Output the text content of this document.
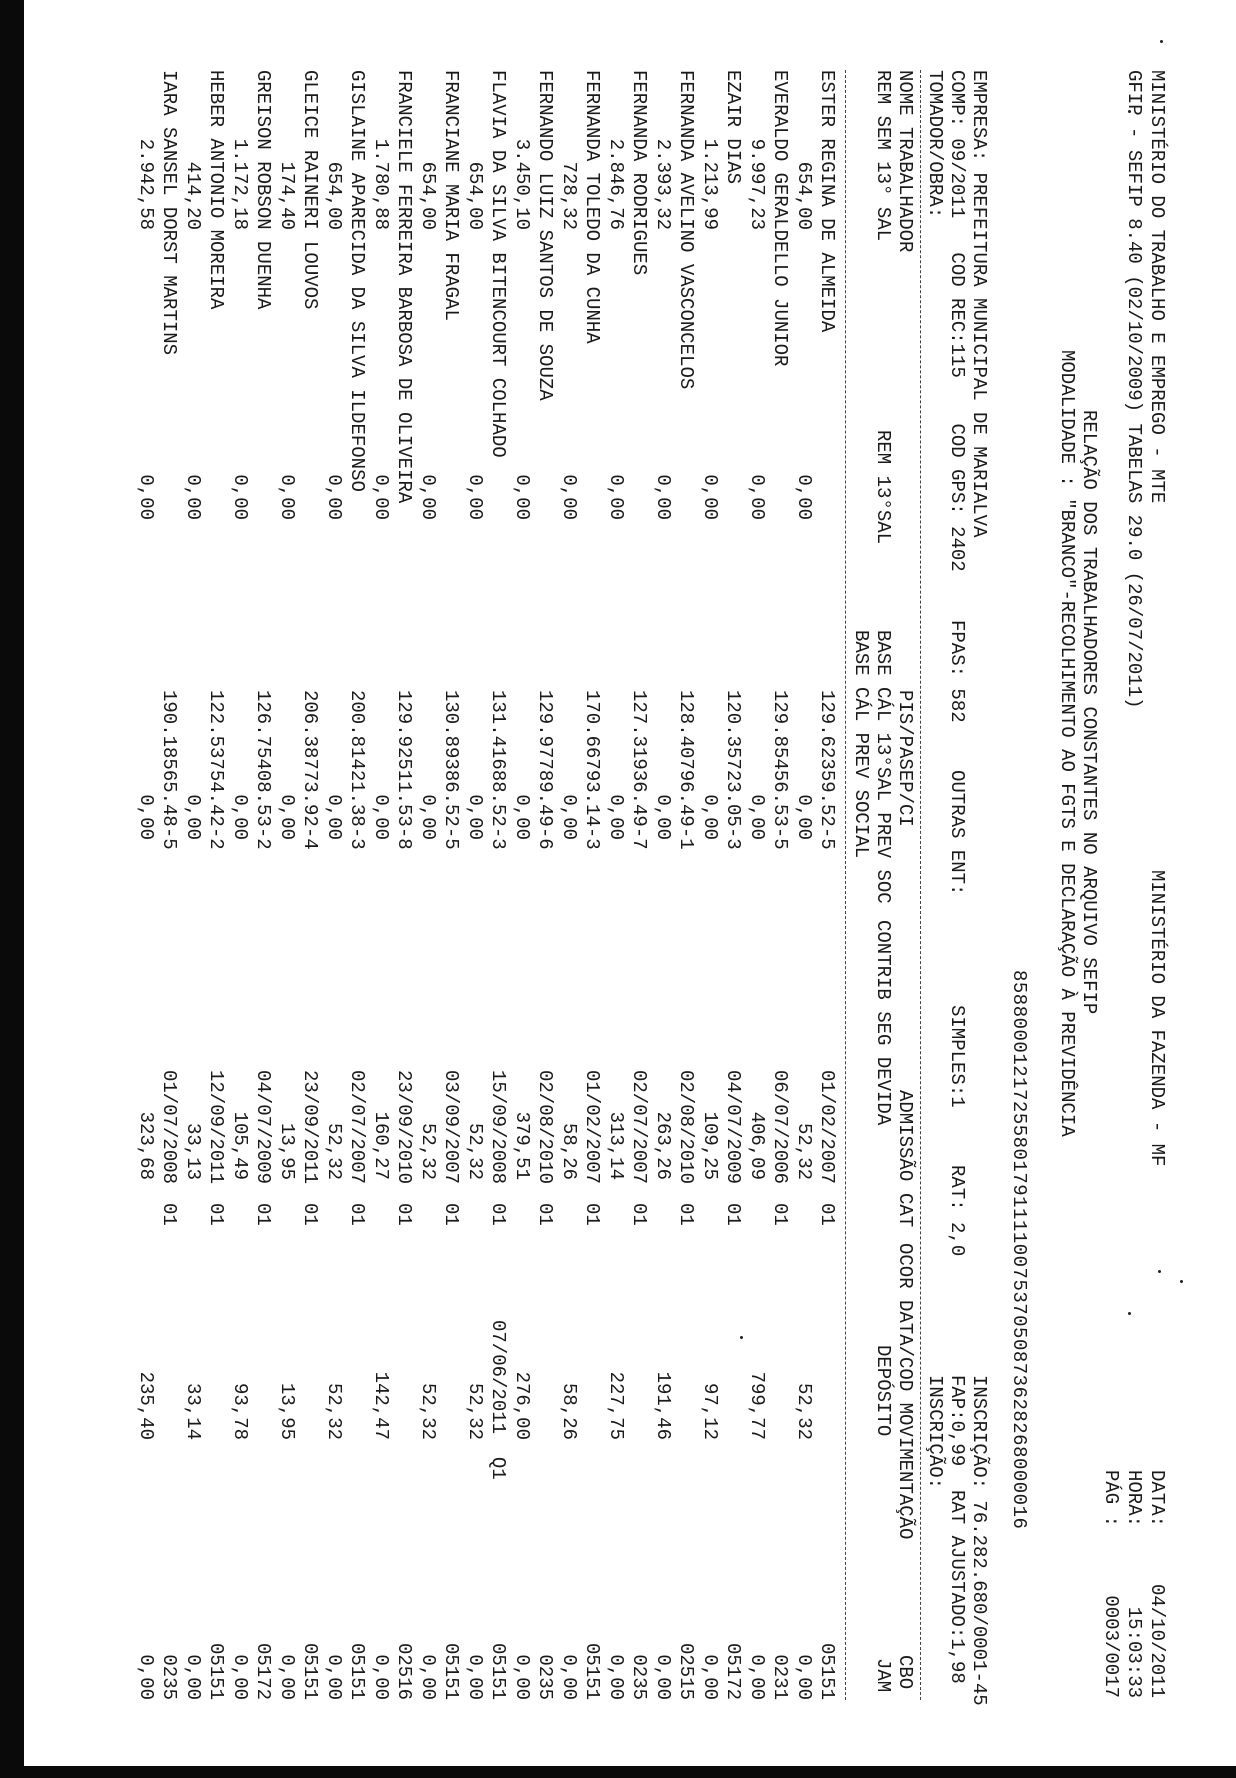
MINISTÉRIO DO TRABALHO E EMPREGO - MTE
MINISTÉRIO DA FAZENDA - MF
DATA:
04/10/2011
GFIP - SEFIP 8.40 (02/10/2009) TABELAS 29.0 (26/07/2011)
HORA:
15:03:33
PÁG :
0003/0017
RELAÇÃO DOS TRABALHADORES CONSTANTES NO ARQUIVO SEFIP
MODALIDADE : "BRANCO"-RECOLHIMENTO AO FGTS E DECLARAÇÃO À PREVIDÊNCIA
8588000121725580179111100753705087362826800001​6
EMPRESA: PREFEITURA MUNICIPAL DE MARIALVA
INSCRIÇÃO: 76.282.680/0001-45
COMP: 09/2011   COD REC:115    COD GPS: 2402
FPAS: 582
OUTRAS ENT:
SIMPLES:1
RAT: 2,0
FAP:0,99
RAT AJUSTADO:1,98
TOMADOR/OBRA:
INSCRIÇÃO:
NOME TRABALHADOR
PIS/PASEP/CI
ADMISSÃO
CAT
OCOR
DATA/COD MOVIMENTAÇÃO
CBO
REM SEM 13° SAL
REM 13°SAL
BASE CÁL 13°SAL PREV SOC
CONTRIB SEG DEVIDA
DEPÓSITO
JAM
BASE CÁL PREV SOCIAL
ESTER REGINA DE ALMEIDA
129.62359.52-5
01/02/2007
01
05151
654,00
0,00
0,00
52,32
52,32
0,00
EVERALDO GERALDELLO JUNIOR
129.85456.53-5
06/07/2006
01
0231
9.997,23
0,00
0,00
406,09
799,77
0,00
EZAIR DIAS
120.35723.05-3
04/07/2009
01
05172
1.213,99
0,00
0,00
109,25
97,12
0,00
FERNANDA AVELINO VASCONCELOS
128.40796.49-1
02/08/2010
01
02515
2.393,32
0,00
0,00
263,26
191,46
0,00
FERNANDA RODRIGUES
127.31936.49-7
02/07/2007
01
0235
2.846,76
0,00
0,00
313,14
227,75
0,00
FERNANDA TOLEDO DA CUNHA
170.66793.14-3
01/02/2007
01
05151
728,32
0,00
0,00
58,26
58,26
0,00
FERNANDO LUIZ SANTOS DE SOUZA
129.97789.49-6
02/08/2010
01
0235
3.450,10
0,00
0,00
379,51
276,00
0,00
FLAVIA DA SILVA BITENCOURT COLHADO
131.41688.52-3
15/09/2008
01
07/06/2011  Q1
05151
654,00
0,00
0,00
52,32
52,32
0,00
FRANCIANE MARIA FRAGAL
130.89386.52-5
03/09/2007
01
05151
654,00
0,00
0,00
52,32
52,32
0,00
FRANCIELE FERREIRA BARBOSA DE OLIVEIRA
129.92511.53-8
23/09/2010
01
02516
1.780,88
0,00
0,00
160,27
142,47
0,00
GISLAINE APARECIDA DA SILVA ILDEFONSO
200.81421.38-3
02/07/2007
01
05151
654,00
0,00
0,00
52,32
52,32
0,00
GLEICE RAINERI LOUVOS
206.38773.92-4
23/09/2011
01
05151
174,40
0,00
0,00
13,95
13,95
0,00
GREISON ROBSON DUENHA
126.75408.53-2
04/07/2009
01
05172
1.172,18
0,00
0,00
105,49
93,78
0,00
HEBER ANTONIO MOREIRA
122.53754.42-2
12/09/2011
01
05151
414,20
0,00
0,00
33,13
33,14
0,00
IARA SANSEL DORST MARTINS
190.18565.48-5
01/07/2008
01
0235
2.942,58
0,00
0,00
323,68
235,40
0,00
